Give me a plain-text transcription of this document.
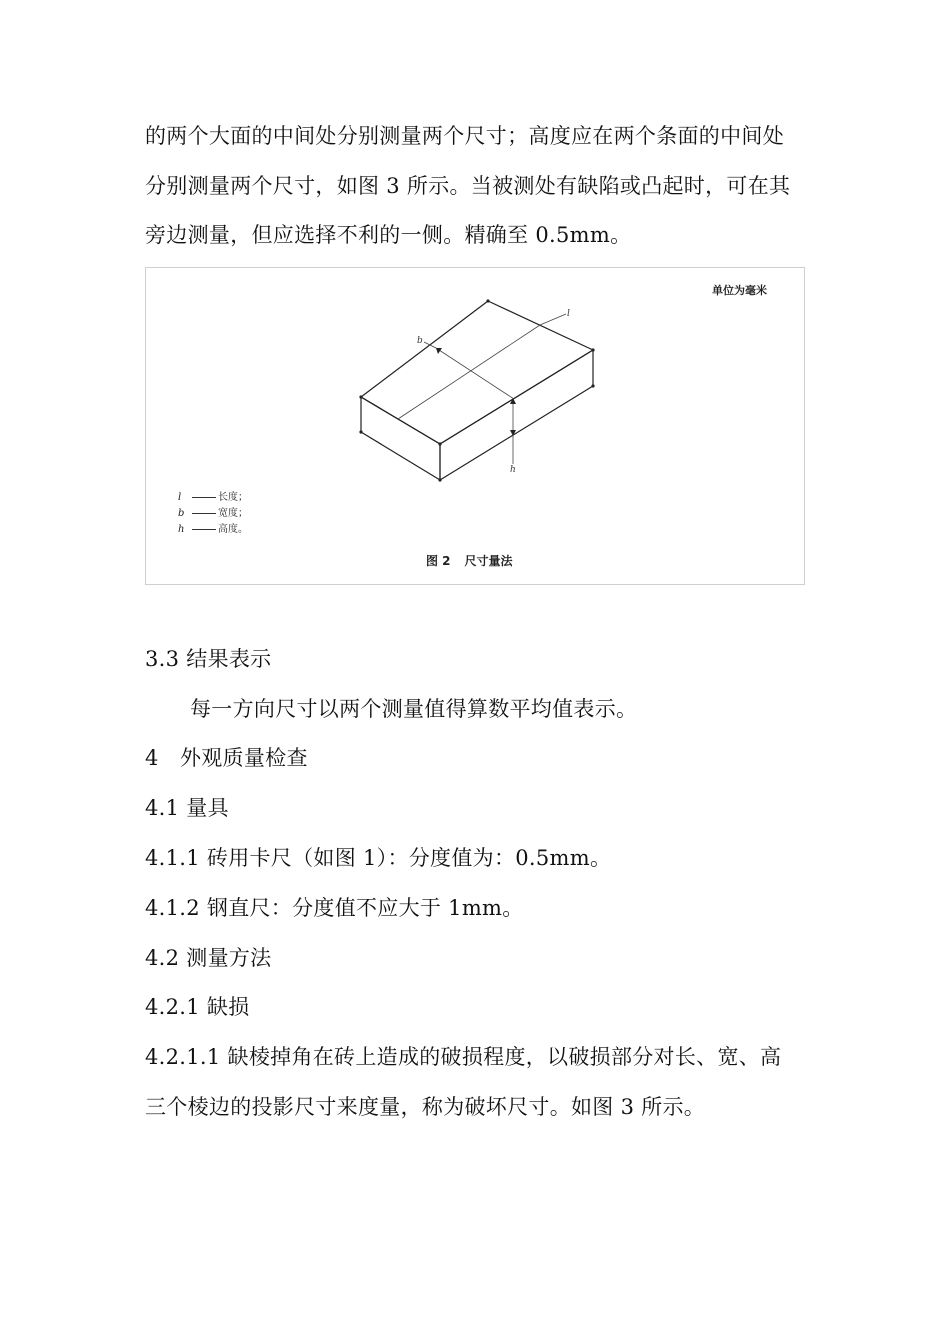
的两个大面的中间处分别测量两个尺寸；高度应在两个条面的中间处
分别测量两个尺寸，如图 3 所示。当被测处有缺陷或凸起时，可在其
旁边测量，但应选择不利的一侧。精确至 0.5mm。
l
b
h
单位为毫米
l	长度；
b	宽度；
h	高度。
图 2 尺寸量法
3.3 结果表示
每一方向尺寸以两个测量值得算数平均值表示。
4　外观质量检查
4.1 量具
4.1.1 砖用卡尺（如图 1）：分度值为：0.5mm。
4.1.2 钢直尺：分度值不应大于 1mm。
4.2 测量方法
4.2.1 缺损
4.2.1.1 缺棱掉角在砖上造成的破损程度，以破损部分对长、宽、高
三个棱边的投影尺寸来度量，称为破坏尺寸。如图 3 所示。
